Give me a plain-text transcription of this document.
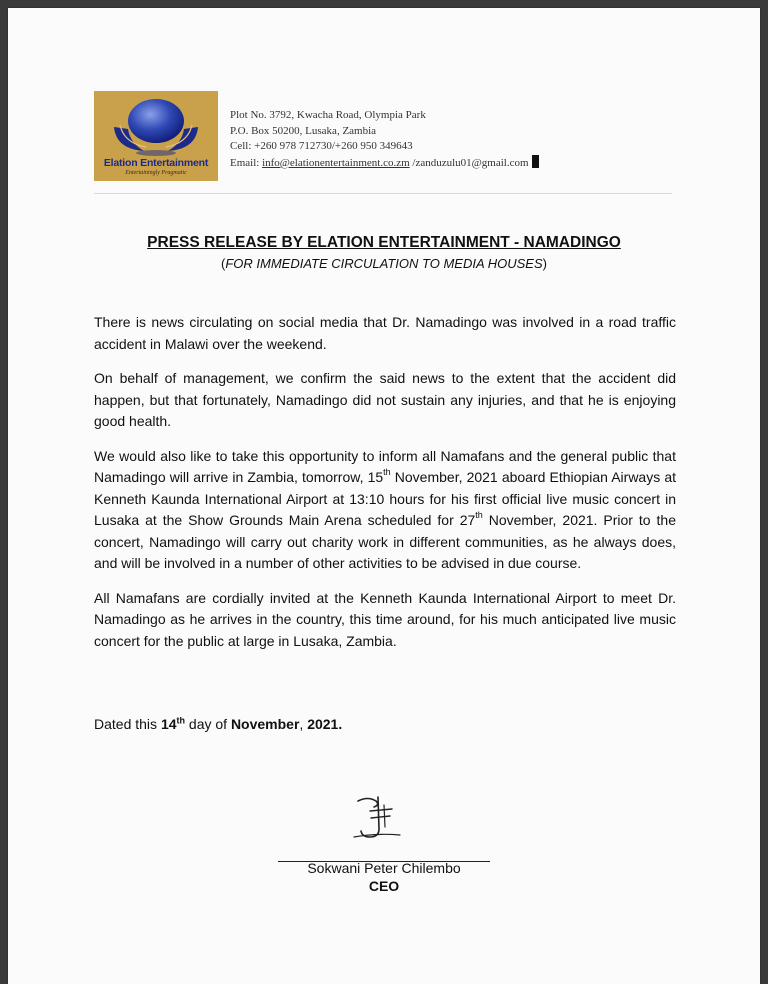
Elation Entertainment
Entertainingly Pragmatic
Plot No. 3792, Kwacha Road, Olympia Park
P.O. Box 50200, Lusaka, Zambia
Cell: +260 978 712730/+260 950 349643
Email: info@elationentertainment.co.zm /zanduzulu01@gmail.com
PRESS RELEASE BY ELATION ENTERTAINMENT - NAMADINGO
(FOR IMMEDIATE CIRCULATION TO MEDIA HOUSES)

There is news circulating on social media that Dr. Namadingo was involved in a road traffic accident in Malawi over the weekend.

On behalf of management, we confirm the said news to the extent that the accident did happen, but that fortunately, Namadingo did not sustain any injuries, and that he is enjoying good health.

We would also like to take this opportunity to inform all Namafans and the general public that Namadingo will arrive in Zambia, tomorrow, 15th November, 2021 aboard Ethiopian Airways at Kenneth Kaunda International Airport at 13:10 hours for his first official live music concert in Lusaka at the Show Grounds Main Arena scheduled for 27th November, 2021. Prior to the concert, Namadingo will carry out charity work in different communities, as he always does, and will be involved in a number of other activities to be advised in due course.

All Namafans are cordially invited at the Kenneth Kaunda International Airport to meet Dr. Namadingo as he arrives in the country, this time around, for his much anticipated live music concert for the public at large in Lusaka, Zambia.

Dated this 14th day of November, 2021.
Sokwani Peter Chilembo
CEO
